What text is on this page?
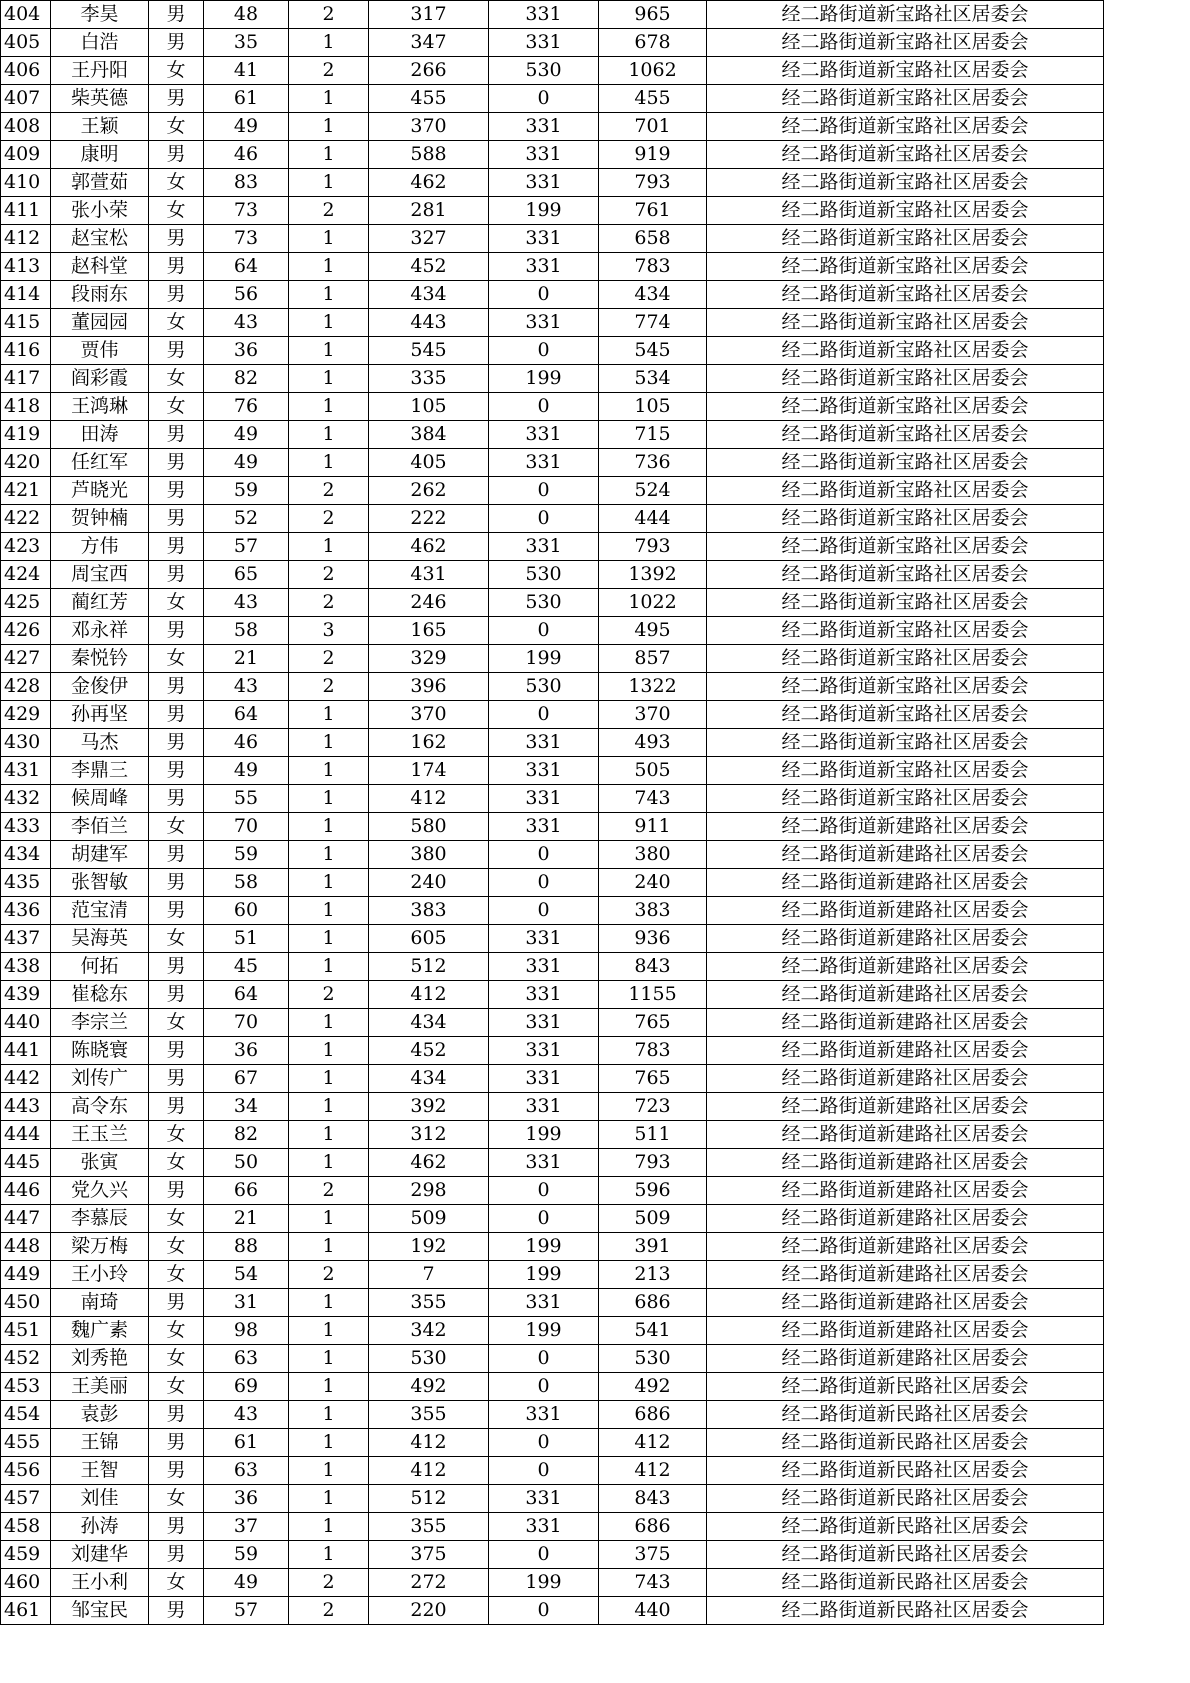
404	李昊	男	48	2	317	331	965	经二路街道新宝路社区居委会
405	白浩	男	35	1	347	331	678	经二路街道新宝路社区居委会
406	王丹阳	女	41	2	266	530	1062	经二路街道新宝路社区居委会
407	柴英德	男	61	1	455	0	455	经二路街道新宝路社区居委会
408	王颖	女	49	1	370	331	701	经二路街道新宝路社区居委会
409	康明	男	46	1	588	331	919	经二路街道新宝路社区居委会
410	郭萱茹	女	83	1	462	331	793	经二路街道新宝路社区居委会
411	张小荣	女	73	2	281	199	761	经二路街道新宝路社区居委会
412	赵宝松	男	73	1	327	331	658	经二路街道新宝路社区居委会
413	赵科堂	男	64	1	452	331	783	经二路街道新宝路社区居委会
414	段雨东	男	56	1	434	0	434	经二路街道新宝路社区居委会
415	董园园	女	43	1	443	331	774	经二路街道新宝路社区居委会
416	贾伟	男	36	1	545	0	545	经二路街道新宝路社区居委会
417	阎彩霞	女	82	1	335	199	534	经二路街道新宝路社区居委会
418	王鸿琳	女	76	1	105	0	105	经二路街道新宝路社区居委会
419	田涛	男	49	1	384	331	715	经二路街道新宝路社区居委会
420	任红军	男	49	1	405	331	736	经二路街道新宝路社区居委会
421	芦晓光	男	59	2	262	0	524	经二路街道新宝路社区居委会
422	贺钟楠	男	52	2	222	0	444	经二路街道新宝路社区居委会
423	方伟	男	57	1	462	331	793	经二路街道新宝路社区居委会
424	周宝西	男	65	2	431	530	1392	经二路街道新宝路社区居委会
425	蔺红芳	女	43	2	246	530	1022	经二路街道新宝路社区居委会
426	邓永祥	男	58	3	165	0	495	经二路街道新宝路社区居委会
427	秦悦钤	女	21	2	329	199	857	经二路街道新宝路社区居委会
428	金俊伊	男	43	2	396	530	1322	经二路街道新宝路社区居委会
429	孙再坚	男	64	1	370	0	370	经二路街道新宝路社区居委会
430	马杰	男	46	1	162	331	493	经二路街道新宝路社区居委会
431	李鼎三	男	49	1	174	331	505	经二路街道新宝路社区居委会
432	候周峰	男	55	1	412	331	743	经二路街道新宝路社区居委会
433	李佰兰	女	70	1	580	331	911	经二路街道新建路社区居委会
434	胡建军	男	59	1	380	0	380	经二路街道新建路社区居委会
435	张智敏	男	58	1	240	0	240	经二路街道新建路社区居委会
436	范宝清	男	60	1	383	0	383	经二路街道新建路社区居委会
437	吴海英	女	51	1	605	331	936	经二路街道新建路社区居委会
438	何拓	男	45	1	512	331	843	经二路街道新建路社区居委会
439	崔稔东	男	64	2	412	331	1155	经二路街道新建路社区居委会
440	李宗兰	女	70	1	434	331	765	经二路街道新建路社区居委会
441	陈晓寰	男	36	1	452	331	783	经二路街道新建路社区居委会
442	刘传广	男	67	1	434	331	765	经二路街道新建路社区居委会
443	高令东	男	34	1	392	331	723	经二路街道新建路社区居委会
444	王玉兰	女	82	1	312	199	511	经二路街道新建路社区居委会
445	张寅	女	50	1	462	331	793	经二路街道新建路社区居委会
446	党久兴	男	66	2	298	0	596	经二路街道新建路社区居委会
447	李慕辰	女	21	1	509	0	509	经二路街道新建路社区居委会
448	梁万梅	女	88	1	192	199	391	经二路街道新建路社区居委会
449	王小玲	女	54	2	7	199	213	经二路街道新建路社区居委会
450	南琦	男	31	1	355	331	686	经二路街道新建路社区居委会
451	魏广素	女	98	1	342	199	541	经二路街道新建路社区居委会
452	刘秀艳	女	63	1	530	0	530	经二路街道新建路社区居委会
453	王美丽	女	69	1	492	0	492	经二路街道新民路社区居委会
454	袁彭	男	43	1	355	331	686	经二路街道新民路社区居委会
455	王锦	男	61	1	412	0	412	经二路街道新民路社区居委会
456	王智	男	63	1	412	0	412	经二路街道新民路社区居委会
457	刘佳	女	36	1	512	331	843	经二路街道新民路社区居委会
458	孙涛	男	37	1	355	331	686	经二路街道新民路社区居委会
459	刘建华	男	59	1	375	0	375	经二路街道新民路社区居委会
460	王小利	女	49	2	272	199	743	经二路街道新民路社区居委会
461	邹宝民	男	57	2	220	0	440	经二路街道新民路社区居委会
